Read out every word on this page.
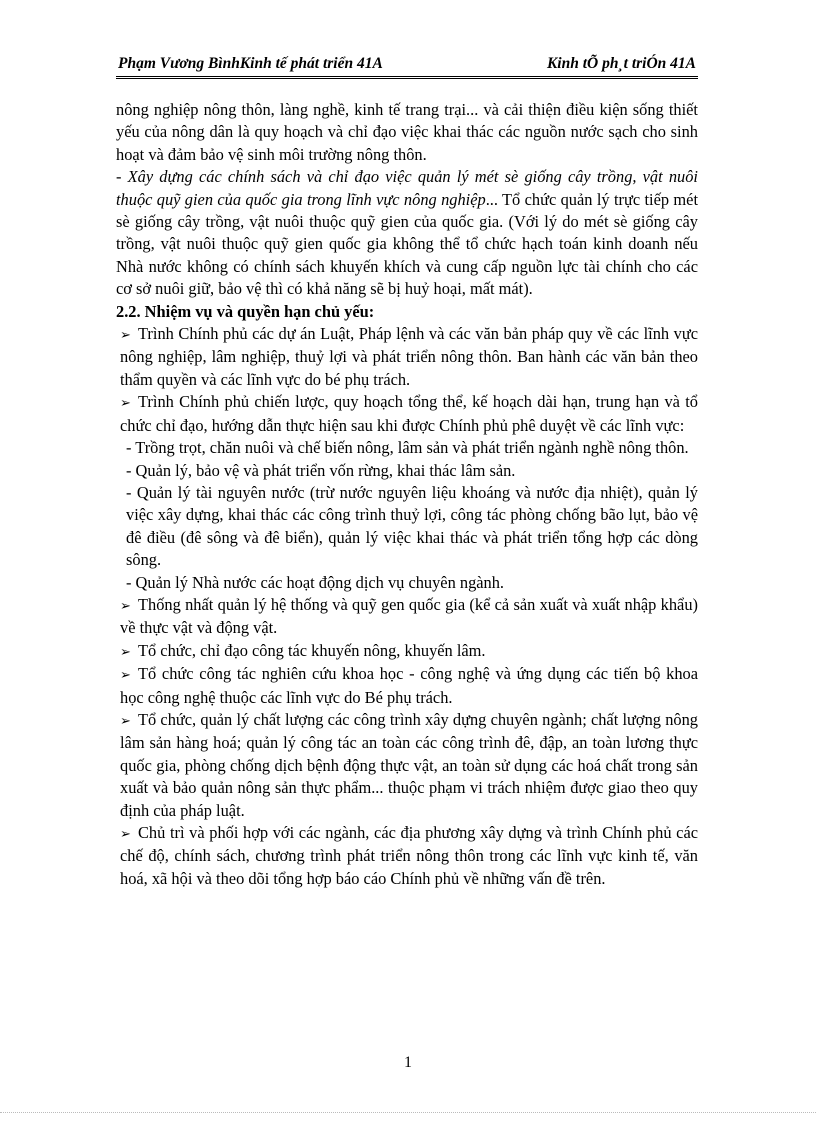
Phạm Vương BìnhKinh tế phát triển 41A	Kinh tÕ ph¸t triÓn 41A

nông nghiệp nông thôn, làng nghề, kinh tế trang trại... và cải thiện điều kiện sống thiết yếu của nông dân là quy hoạch và chỉ đạo việc khai thác các nguồn nước sạch cho sinh hoạt và đảm bảo vệ sinh môi trường nông thôn.

- Xây dựng các chính sách và chỉ đạo việc quản lý mét sè giống cây trồng, vật nuôi thuộc quỹ gien của quốc gia trong lĩnh vực nông nghiệp... Tổ chức quản lý trực tiếp mét sè giống cây trồng, vật nuôi thuộc quỹ gien của quốc gia. (Với lý do mét sè giống cây trồng, vật nuôi thuộc quỹ gien quốc gia không thể tổ chức hạch toán kinh doanh nếu Nhà nước không có chính sách khuyến khích và cung cấp nguồn lực tài chính cho các cơ sở nuôi giữ, bảo vệ thì có khả năng sẽ bị huỷ hoại, mất mát).

2.2. Nhiệm vụ và quyền hạn chủ yếu:

➢ Trình Chính phủ các dự án Luật, Pháp lệnh và các văn bản pháp quy về các lĩnh vực nông nghiệp, lâm nghiệp, thuỷ lợi và phát triển nông thôn. Ban hành các văn bản theo thẩm quyền và các lĩnh vực do bé phụ trách.

➢ Trình Chính phủ chiến lược, quy hoạch tổng thể, kế hoạch dài hạn, trung hạn và tổ chức chỉ đạo, hướng dẫn thực hiện sau khi được Chính phủ phê duyệt về các lĩnh vực:

- Trồng trọt, chăn nuôi và chế biến nông, lâm sản và phát triển ngành nghề nông thôn.

- Quản lý, bảo vệ và phát triển vốn rừng, khai thác lâm sản.

- Quản lý tài nguyên nước (trừ nước nguyên liệu khoáng và nước địa nhiệt), quản lý việc xây dựng, khai thác các công trình thuỷ lợi, công tác phòng chống bão lụt, bảo vệ đê điều (đê sông và đê biển), quản lý việc khai thác và phát triển tổng hợp các dòng sông.

- Quản lý Nhà nước các hoạt động dịch vụ chuyên ngành.

➢ Thống nhất quản lý hệ thống và quỹ gen quốc gia (kể cả sản xuất và xuất nhập khẩu) về thực vật và động vật.

➢ Tổ chức, chỉ đạo công tác khuyến nông, khuyến lâm.

➢ Tổ chức công tác nghiên cứu khoa học - công nghệ và ứng dụng các tiến bộ khoa học công nghệ thuộc các lĩnh vực do Bé phụ trách.

➢ Tổ chức, quản lý chất lượng các công trình xây dựng chuyên ngành; chất lượng nông lâm sản hàng hoá; quản lý công tác an toàn các công trình đê, đập, an toàn lương thực quốc gia, phòng chống dịch bệnh động thực vật, an toàn sử dụng các hoá chất trong sản xuất và bảo quản nông sản thực phẩm... thuộc phạm vi trách nhiệm được giao theo quy định của pháp luật.

➢ Chủ trì và phối hợp với các ngành, các địa phương xây dựng và trình Chính phủ các chế độ, chính sách, chương trình phát triển nông thôn trong các lĩnh vực kinh tế, văn hoá, xã hội và theo dõi tổng hợp báo cáo Chính phủ về những vấn đề trên.

1
